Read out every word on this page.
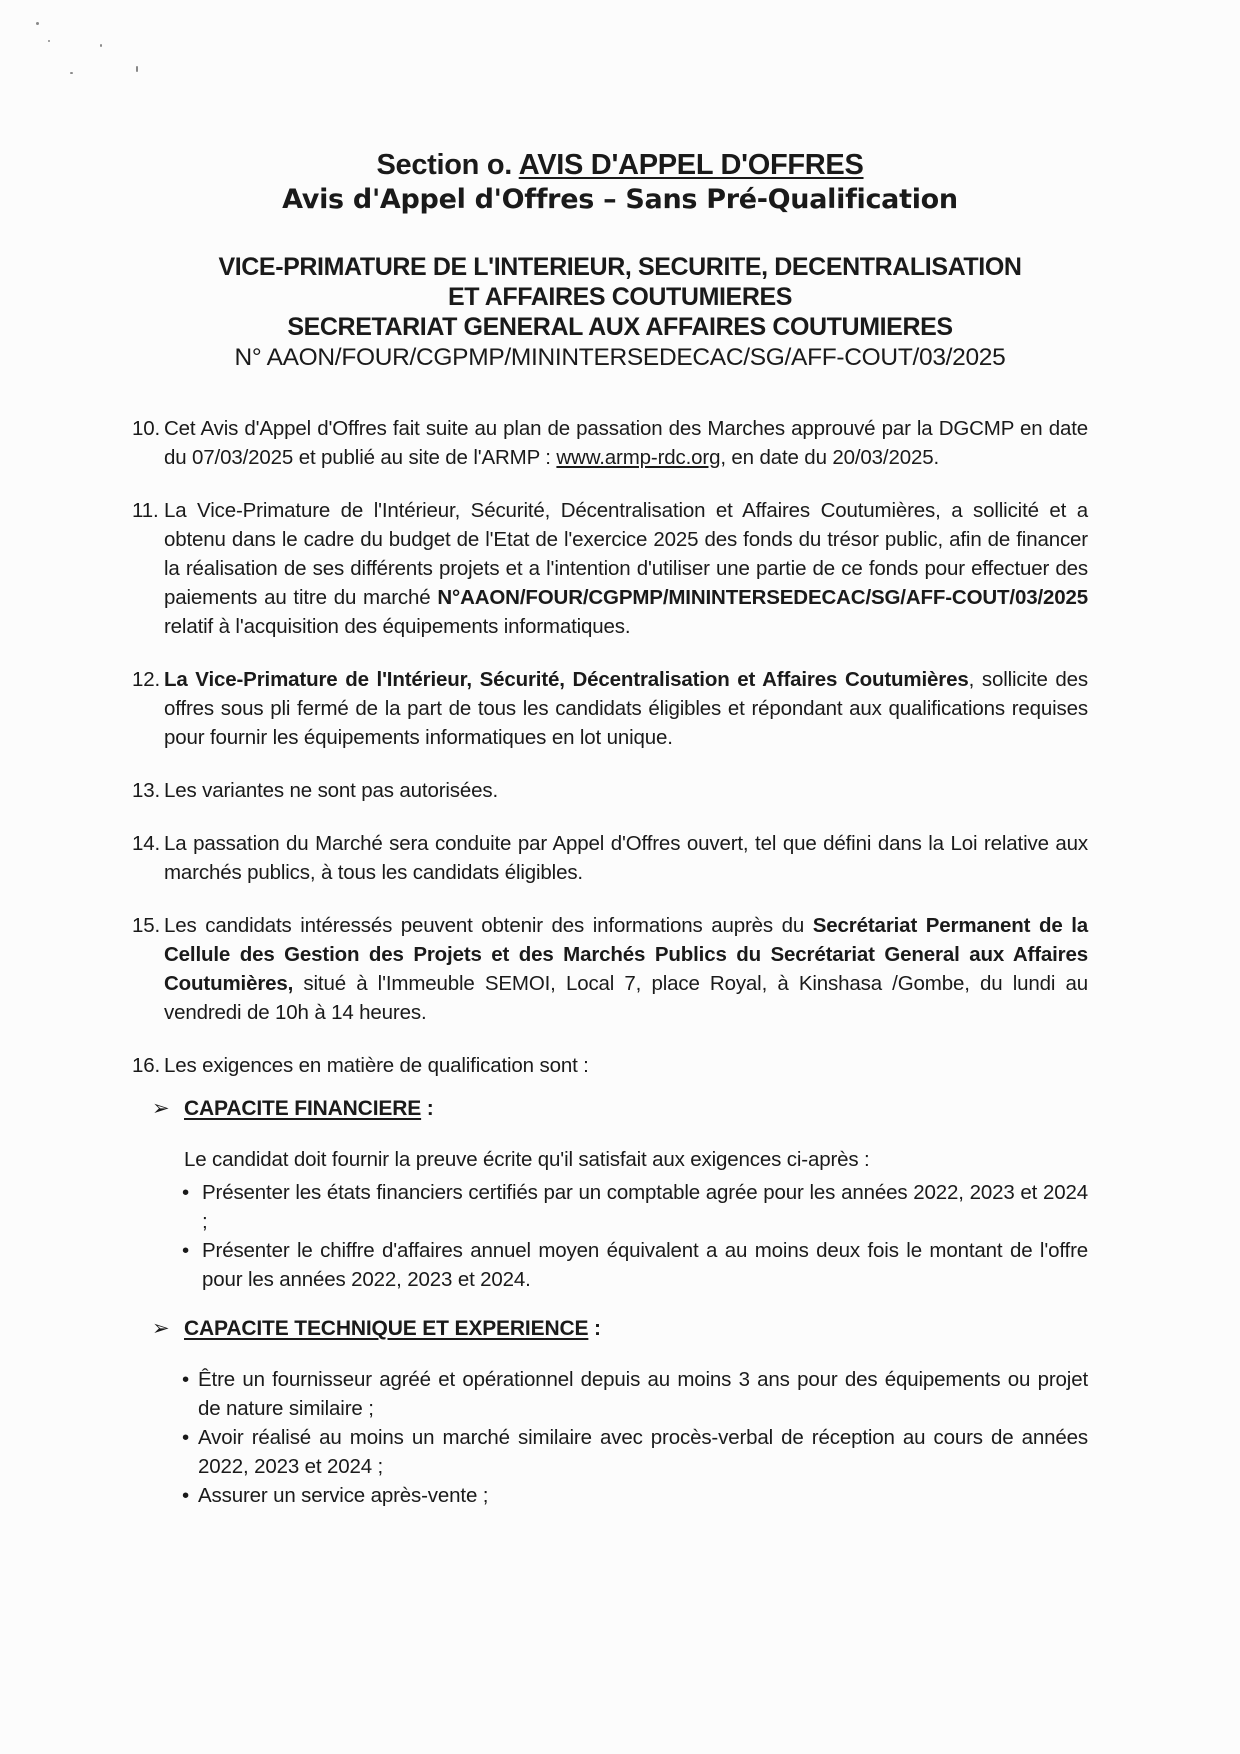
Section o. AVIS D'APPEL D'OFFRES
Avis d'Appel d'Offres – Sans Pré-Qualification
VICE-PRIMATURE DE L'INTERIEUR, SECURITE, DECENTRALISATION
ET AFFAIRES COUTUMIERES
SECRETARIAT GENERAL AUX AFFAIRES COUTUMIERES
N° AAON/FOUR/CGPMP/MININTERSEDECAC/SG/AFF-COUT/03/2025
10. Cet Avis d'Appel d'Offres fait suite au plan de passation des Marches approuvé par la DGCMP en date du 07/03/2025 et publié au site de l'ARMP : www.armp-rdc.org, en date du 20/03/2025.
11. La Vice-Primature de l'Intérieur, Sécurité, Décentralisation et Affaires Coutumières, a sollicité et a obtenu dans le cadre du budget de l'Etat de l'exercice 2025 des fonds du trésor public, afin de financer la réalisation de ses différents projets et a l'intention d'utiliser une partie de ce fonds pour effectuer des paiements au titre du marché N°AAON/FOUR/CGPMP/MININTERSEDECAC/SG/AFF-COUT/03/2025 relatif à l'acquisition des équipements informatiques.
12. La Vice-Primature de l'Intérieur, Sécurité, Décentralisation et Affaires Coutumières, sollicite des offres sous pli fermé de la part de tous les candidats éligibles et répondant aux qualifications requises pour fournir les équipements informatiques en lot unique.
13. Les variantes ne sont pas autorisées.
14. La passation du Marché sera conduite par Appel d'Offres ouvert, tel que défini dans la Loi relative aux marchés publics, à tous les candidats éligibles.
15. Les candidats intéressés peuvent obtenir des informations auprès du Secrétariat Permanent de la Cellule des Gestion des Projets et des Marchés Publics du Secrétariat General aux Affaires Coutumières, situé à l'Immeuble SEMOI, Local 7, place Royal, à Kinshasa /Gombe, du lundi au vendredi de 10h à 14 heures.
16. Les exigences en matière de qualification sont :
➢ CAPACITE FINANCIERE :
Le candidat doit fournir la preuve écrite qu'il satisfait aux exigences ci-après :
• Présenter les états financiers certifiés par un comptable agrée pour les années 2022, 2023 et 2024 ;
• Présenter le chiffre d'affaires annuel moyen équivalent a au moins deux fois le montant de l'offre pour les années 2022, 2023 et 2024.
➢ CAPACITE TECHNIQUE ET EXPERIENCE :
• Être un fournisseur agréé et opérationnel depuis au moins 3 ans pour des équipements ou projet de nature similaire ;
• Avoir réalisé au moins un marché similaire avec procès-verbal de réception au cours de années 2022, 2023 et 2024 ;
• Assurer un service après-vente ;
